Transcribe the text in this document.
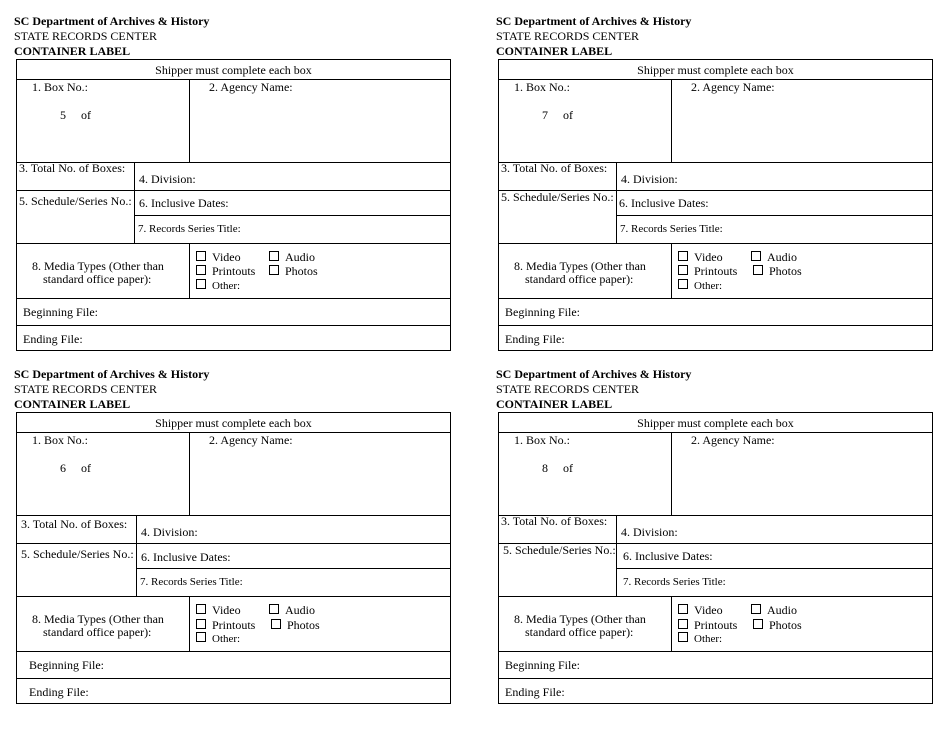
SC Department of Archives & History
STATE RECORDS CENTER
CONTAINER LABEL
Shipper must complete each box
1. Box No.:
5 of
2. Agency Name:
3. Total No. of Boxes:
4. Division:
5. Schedule/Series No.: 6. Inclusive Dates:
7. Records Series Title:
8. Media Types (Other than
standard office paper):
Video	Audio
Printouts	Photos
Other:
Beginning File:
Ending File:
SC Department of Archives & History
STATE RECORDS CENTER
CONTAINER LABEL
Shipper must complete each box
1. Box No.:
7 of
2. Agency Name:
3. Total No. of Boxes:
4. Division:
5. Schedule/Series No.: 6. Inclusive Dates:
7. Records Series Title:
8. Media Types (Other than
standard office paper):
Video	Audio
Printouts	Photos
Other:
Beginning File:
Ending File:
SC Department of Archives & History
STATE RECORDS CENTER
CONTAINER LABEL
Shipper must complete each box
1. Box No.:
6 of
2. Agency Name:
3. Total No. of Boxes:
4. Division:
5. Schedule/Series No.: 6. Inclusive Dates:
7. Records Series Title:
8. Media Types (Other than
standard office paper):
Video	Audio
Printouts	Photos
Other:
Beginning File:
Ending File:
SC Department of Archives & History
STATE RECORDS CENTER
CONTAINER LABEL
Shipper must complete each box
1. Box No.:
8 of
2. Agency Name:
3. Total No. of Boxes:
4. Division:
5. Schedule/Series No.: 6. Inclusive Dates:
7. Records Series Title:
8. Media Types (Other than
standard office paper):
Video	Audio
Printouts	Photos
Other:
Beginning File:
Ending File:
